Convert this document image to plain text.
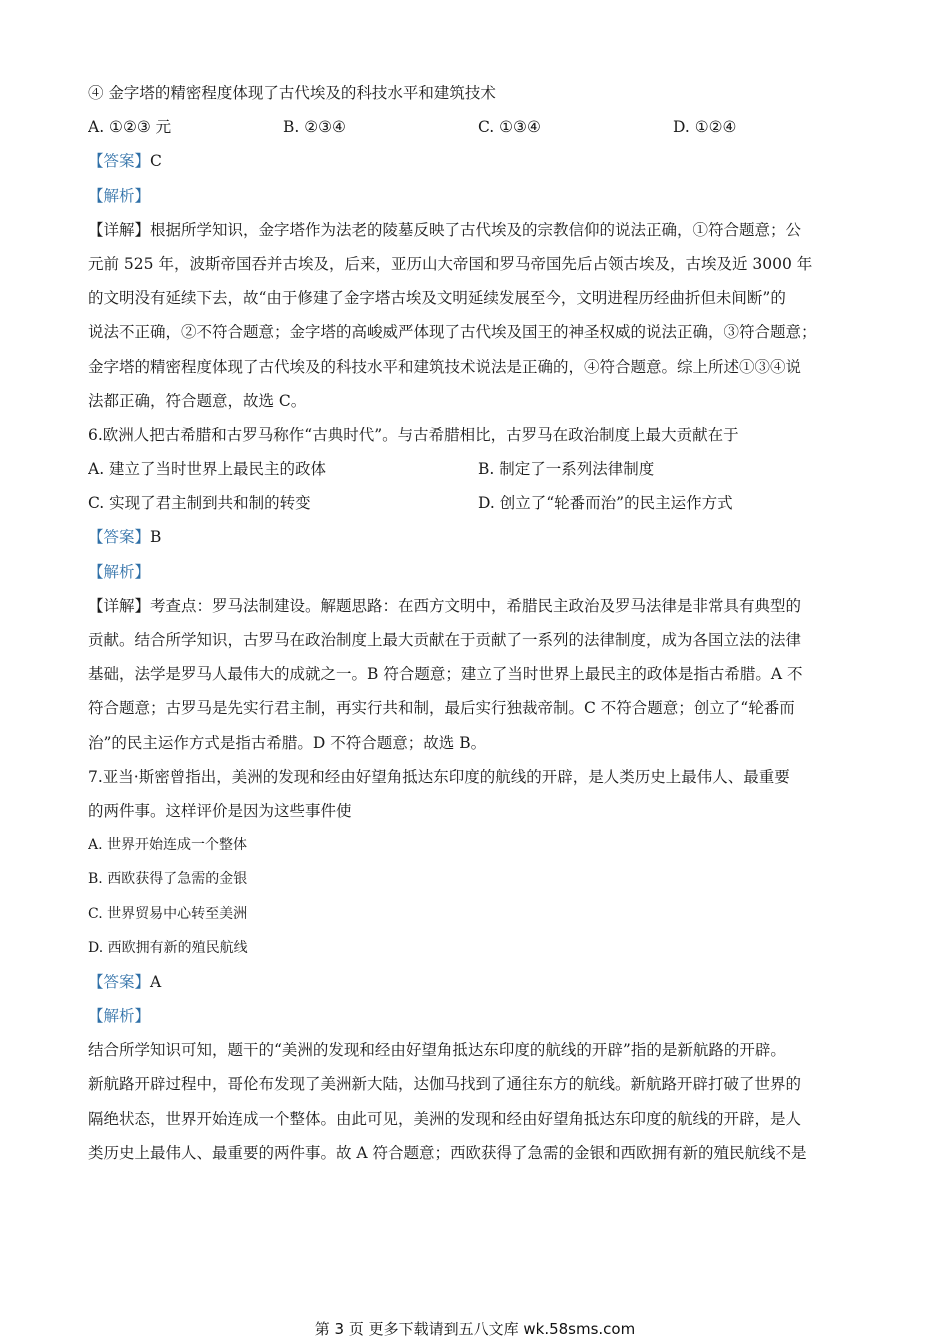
④ 金字塔的精密程度体现了古代埃及的科技水平和建筑技术
A. ①②③ 元	B. ②③④	C. ①③④	D. ①②④
【答案】C
【解析】
【详解】根据所学知识，金字塔作为法老的陵墓反映了古代埃及的宗教信仰的说法正确，①符合题意；公
元前 525 年，波斯帝国吞并古埃及，后来，亚历山大帝国和罗马帝国先后占领古埃及，古埃及近 3000 年
的文明没有延续下去，故“由于修建了金字塔古埃及文明延续发展至今，文明进程历经曲折但未间断”的
说法不正确，②不符合题意；金字塔的高峻威严体现了古代埃及国王的神圣权威的说法正确，③符合题意；
金字塔的精密程度体现了古代埃及的科技水平和建筑技术说法是正确的，④符合题意。综上所述①③④说
法都正确，符合题意，故选 C。
6.欧洲人把古希腊和古罗马称作“古典时代”。与古希腊相比，古罗马在政治制度上最大贡献在于
A. 建立了当时世界上最民主的政体	B. 制定了一系列法律制度
C. 实现了君主制到共和制的转变	D. 创立了“轮番而治”的民主运作方式
【答案】B
【解析】
【详解】考查点：罗马法制建设。解题思路：在西方文明中，希腊民主政治及罗马法律是非常具有典型的
贡献。结合所学知识，古罗马在政治制度上最大贡献在于贡献了一系列的法律制度，成为各国立法的法律
基础，法学是罗马人最伟大的成就之一。B 符合题意；建立了当时世界上最民主的政体是指古希腊。A 不
符合题意；古罗马是先实行君主制，再实行共和制，最后实行独裁帝制。C 不符合题意；创立了“轮番而
治”的民主运作方式是指古希腊。D 不符合题意；故选 B。
7.亚当·斯密曾指出，美洲的发现和经由好望角抵达东印度的航线的开辟，是人类历史上最伟人、最重要
的两件事。这样评价是因为这些事件使
A. 世界开始连成一个整体
B. 西欧获得了急需的金银
C. 世界贸易中心转至美洲
D. 西欧拥有新的殖民航线
【答案】A
【解析】
结合所学知识可知，题干的“美洲的发现和经由好望角抵达东印度的航线的开辟”指的是新航路的开辟。
新航路开辟过程中，哥伦布发现了美洲新大陆，达伽马找到了通往东方的航线。新航路开辟打破了世界的
隔绝状态，世界开始连成一个整体。由此可见，美洲的发现和经由好望角抵达东印度的航线的开辟，是人
类历史上最伟人、最重要的两件事。故 A 符合题意；西欧获得了急需的金银和西欧拥有新的殖民航线不是
第 3 页 更多下载请到五八文库 wk.58sms.com
